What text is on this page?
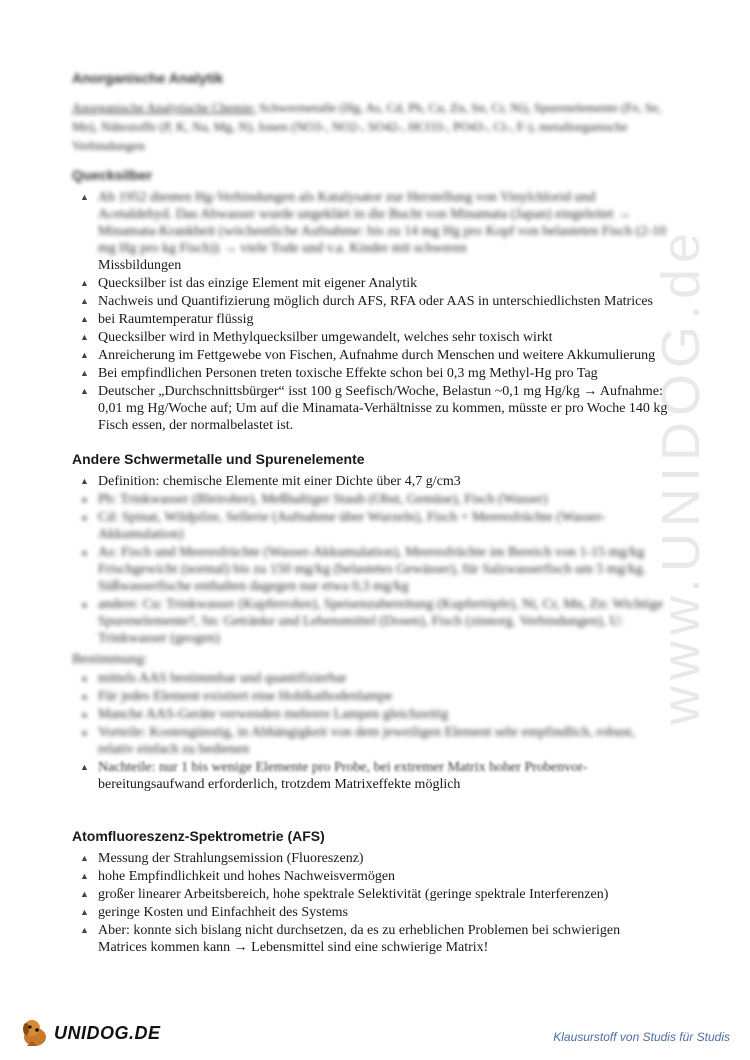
www.UNIDOG.de
Anorganische Analytik

Anorganische Analytische Chemie: Schwermetalle (Hg, As, Cd, Pb, Cu, Zn, Sn, Cr, Ni), Spurenelemente (Fe, Se, Mn), Nährstoffe (P, K, Na, Mg, N), Ionen (NO3-, NO2-, SO42-, HCO3-, PO43-, Cl-, F-), metallorganische Verbindungen

Quecksilber
▲ Ab 1952 dienten Hg-Verbindungen als Katalysator zur Herstellung von Vinylchlorid und Acetaldehyd. Das Abwasser wurde ungeklärt in die Bucht von Minamata (Japan) eingeleitet → Minamata-Krankheit (wöchentliche Aufnahme: bis zu 14 mg Hg pro Kopf von belasteten Fisch (2-10 mg Hg pro kg Fisch)) → viele Tode und v.a. Kinder mit schweren
Missbildungen
▲ Quecksilber ist das einzige Element mit eigener Analytik
▲ Nachweis und Quantifizierung möglich durch AFS, RFA oder AAS in unterschiedlichsten Matrices
▲ bei Raumtemperatur flüssig
▲ Quecksilber wird in Methylquecksilber umgewandelt, welches sehr toxisch wirkt
▲ Anreicherung im Fettgewebe von Fischen, Aufnahme durch Menschen und weitere Akkumulierung
▲ Bei empfindlichen Personen treten toxische Effekte schon bei 0,3 mg Methyl-Hg pro Tag
▲ Deutscher „Durchschnittsbürger“ isst 100 g Seefisch/Woche, Belastun ~0,1 mg Hg/kg → Aufnahme: 0,01 mg Hg/Woche auf; Um auf die Minamata-Verhältnisse zu kommen, müsste er pro Woche 140 kg Fisch essen, der normalbelastet ist.
Andere Schwermetalle und Spurenelemente
▲ Definition: chemische Elemente mit einer Dichte über 4,7 g/cm3
▲ Pb: Trinkwasser (Bleirohre), Meßhaltiger Staub (Obst, Gemüse), Fisch (Wasser)
▲ Cd: Spinat, Wildpilze, Sellerie (Aufnahme über Wurzeln), Fisch + Meeresfrüchte (Wasser-Akkumulation)
▲ As: Fisch und Meeresfrüchte (Wasser-Akkumulation), Meeresfrüchte im Bereich von 1-15 mg/kg Frischgewicht (normal) bis zu 150 mg/kg (belastetes Gewässer), für Salzwasserfisch um 5 mg/kg. Süßwasserfische enthalten dagegen nur etwa 0,3 mg/kg
▲ andere: Cu: Trinkwasser (Kupferrohre), Speisenzubereitung (Kupfertöpfe), Ni, Cr, Mn, Zn: Wichtige Spurenelemente?, Sn: Getränke und Lebensmittel (Dosen), Fisch (zinnorg. Verbindungen), U: Trinkwasser (geogen)
Bestimmung:
▲ mittels AAS bestimmbar und quantifizierbar
▲ Für jedes Element existiert eine Hohlkathodenlampe
▲ Manche AAS-Geräte verwenden mehrere Lampen gleichzeitig
▲ Vorteile: Kostengünstig, in Abhängigkeit von dem jeweiligen Element sehr empfindlich, robust, relativ einfach zu bedienen
▲ Nachteile: nur 1 bis wenige Elemente pro Probe, bei extremer Matrix hoher Probenvor-
bereitungsaufwand erforderlich, trotzdem Matrixeffekte möglich
Atomfluoreszenz-Spektrometrie (AFS)
▲ Messung der Strahlungsemission (Fluoreszenz)
▲ hohe Empfindlichkeit und hohes Nachweisvermögen
▲ großer linearer Arbeitsbereich, hohe spektrale Selektivität (geringe spektrale Interferenzen)
▲ geringe Kosten und Einfachheit des Systems
▲ Aber: konnte sich bislang nicht durchsetzen, da es zu erheblichen Problemen bei schwierigen Matrices kommen kann → Lebensmittel sind eine schwierige Matrix!
UNIDOG.DE	Klausurstoff von Studis für Studis
